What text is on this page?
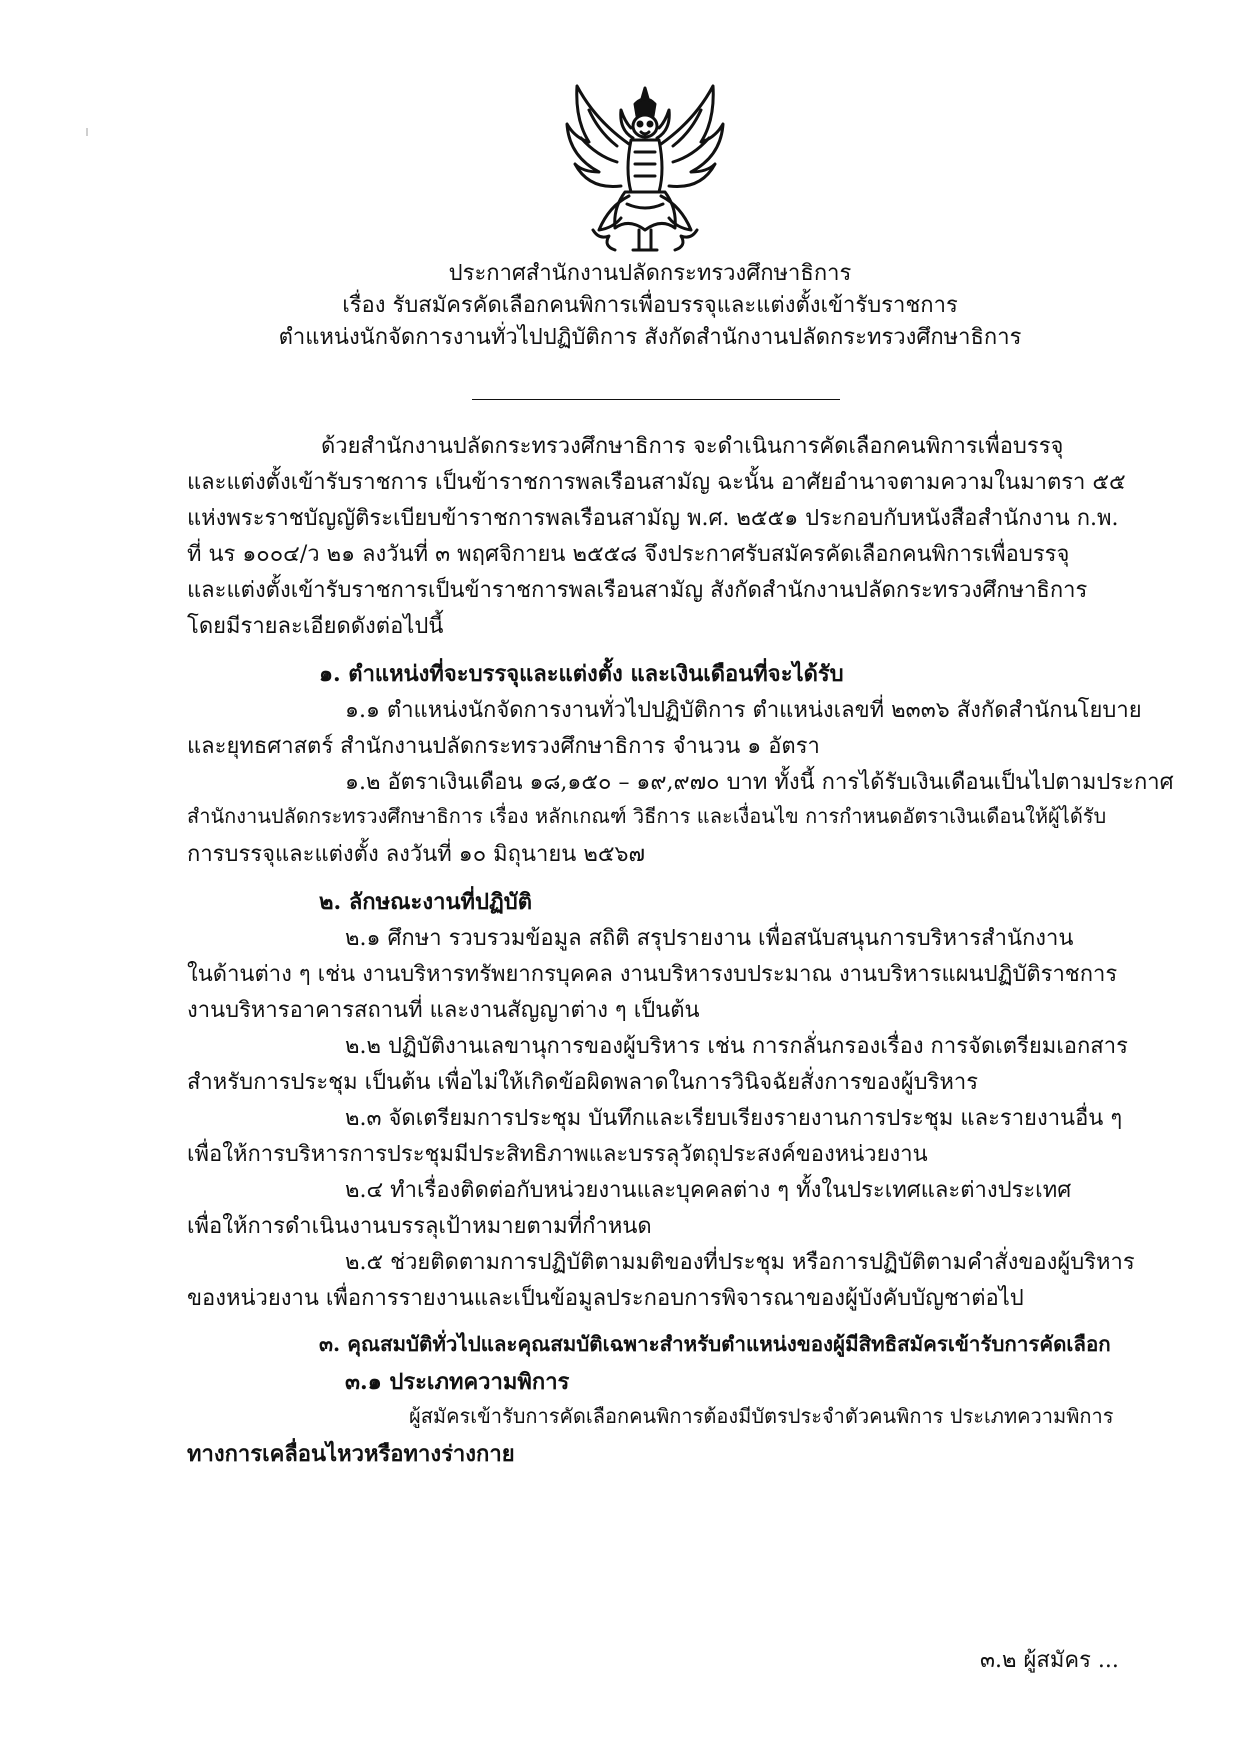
ประกาศสำนักงานปลัดกระทรวงศึกษาธิการ
เรื่อง รับสมัครคัดเลือกคนพิการเพื่อบรรจุและแต่งตั้งเข้ารับราชการ
ตำแหน่งนักจัดการงานทั่วไปปฏิบัติการ สังกัดสำนักงานปลัดกระทรวงศึกษาธิการ
ด้วยสำนักงานปลัดกระทรวงศึกษาธิการ จะดำเนินการคัดเลือกคนพิการเพื่อบรรจุ
และแต่งตั้งเข้ารับราชการ เป็นข้าราชการพลเรือนสามัญ ฉะนั้น อาศัยอำนาจตามความในมาตรา ๕๕
แห่งพระราชบัญญัติระเบียบข้าราชการพลเรือนสามัญ พ.ศ. ๒๕๕๑ ประกอบกับหนังสือสำนักงาน ก.พ.
ที่ นร ๑๐๐๔/ว ๒๑ ลงวันที่ ๓ พฤศจิกายน ๒๕๕๘ จึงประกาศรับสมัครคัดเลือกคนพิการเพื่อบรรจุ
และแต่งตั้งเข้ารับราชการเป็นข้าราชการพลเรือนสามัญ สังกัดสำนักงานปลัดกระทรวงศึกษาธิการ
โดยมีรายละเอียดดังต่อไปนี้
๑. ตำแหน่งที่จะบรรจุและแต่งตั้ง และเงินเดือนที่จะได้รับ
๑.๑ ตำแหน่งนักจัดการงานทั่วไปปฏิบัติการ ตำแหน่งเลขที่ ๒๓๓๖ สังกัดสำนักนโยบาย
และยุทธศาสตร์ สำนักงานปลัดกระทรวงศึกษาธิการ จำนวน ๑ อัตรา
๑.๒ อัตราเงินเดือน ๑๘,๑๕๐ – ๑๙,๙๗๐ บาท ทั้งนี้ การได้รับเงินเดือนเป็นไปตามประกาศ
สำนักงานปลัดกระทรวงศึกษาธิการ เรื่อง หลักเกณฑ์ วิธีการ และเงื่อนไข การกำหนดอัตราเงินเดือนให้ผู้ได้รับ
การบรรจุและแต่งตั้ง ลงวันที่ ๑๐ มิถุนายน ๒๕๖๗
๒. ลักษณะงานที่ปฏิบัติ
๒.๑ ศึกษา รวบรวมข้อมูล สถิติ สรุปรายงาน เพื่อสนับสนุนการบริหารสำนักงาน
ในด้านต่าง ๆ เช่น งานบริหารทรัพยากรบุคคล งานบริหารงบประมาณ งานบริหารแผนปฏิบัติราชการ
งานบริหารอาคารสถานที่ และงานสัญญาต่าง ๆ เป็นต้น
๒.๒ ปฏิบัติงานเลขานุการของผู้บริหาร เช่น การกลั่นกรองเรื่อง การจัดเตรียมเอกสาร
สำหรับการประชุม เป็นต้น เพื่อไม่ให้เกิดข้อผิดพลาดในการวินิจฉัยสั่งการของผู้บริหาร
๒.๓ จัดเตรียมการประชุม บันทึกและเรียบเรียงรายงานการประชุม และรายงานอื่น ๆ
เพื่อให้การบริหารการประชุมมีประสิทธิภาพและบรรลุวัตถุประสงค์ของหน่วยงาน
๒.๔ ทำเรื่องติดต่อกับหน่วยงานและบุคคลต่าง ๆ ทั้งในประเทศและต่างประเทศ
เพื่อให้การดำเนินงานบรรลุเป้าหมายตามที่กำหนด
๒.๕ ช่วยติดตามการปฏิบัติตามมติของที่ประชุม หรือการปฏิบัติตามคำสั่งของผู้บริหาร
ของหน่วยงาน เพื่อการรายงานและเป็นข้อมูลประกอบการพิจารณาของผู้บังคับบัญชาต่อไป
๓. คุณสมบัติทั่วไปและคุณสมบัติเฉพาะสำหรับตำแหน่งของผู้มีสิทธิสมัครเข้ารับการคัดเลือก
๓.๑ ประเภทความพิการ
ผู้สมัครเข้ารับการคัดเลือกคนพิการต้องมีบัตรประจำตัวคนพิการ ประเภทความพิการ
ทางการเคลื่อนไหวหรือทางร่างกาย
๓.๒ ผู้สมัคร ...
